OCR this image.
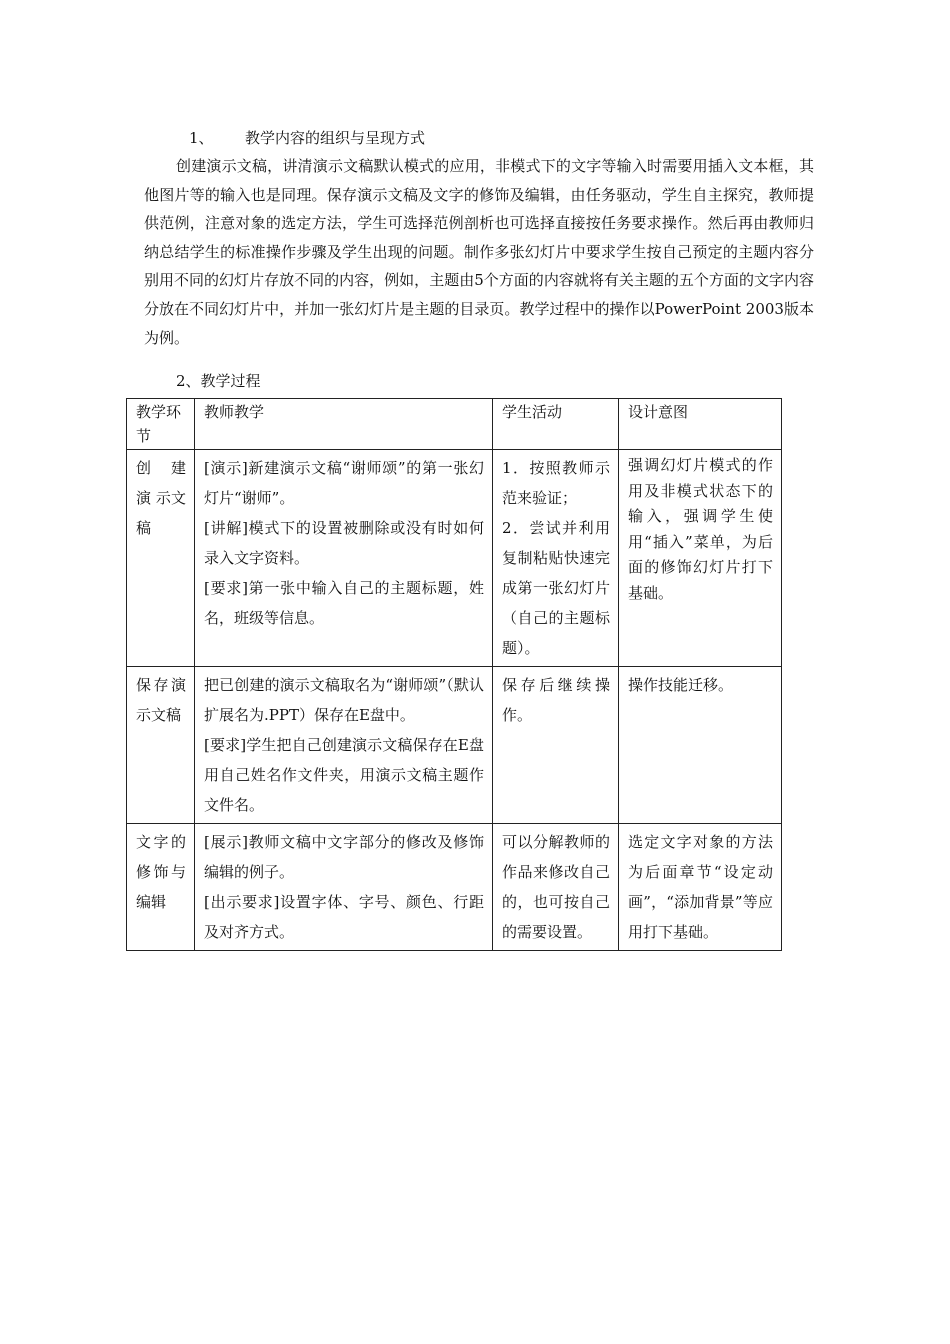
1、 教学内容的组织与呈现方式

创建演示文稿，讲清演示文稿默认模式的应用，非模式下的文字等输入时需要用插入文本框，其他图片等的输入也是同理。保存演示文稿及文字的修饰及编辑，由任务驱动，学生自主探究，教师提供范例，注意对象的选定方法，学生可选择范例剖析也可选择直接按任务要求操作。然后再由教师归纳总结学生的标准操作步骤及学生出现的问题。制作多张幻灯片中要求学生按自己预定的主题内容分别用不同的幻灯片存放不同的内容，例如，主题由5个方面的内容就将有关主题的五个方面的文字内容分放在不同幻灯片中，并加一张幻灯片是主题的目录页。教学过程中的操作以PowerPoint 2003版本为例。

2、教学过程
教学环节	教师教学	学生活动	设计意图

创 建 演 示文稿	[演示]新建演示文稿“谢师颂”的第一张幻灯片“谢师”。
[讲解]模式下的设置被删除或没有时如何录入文字资料。
[要求]第一张中输入自己的主题标题，姓名，班级等信息。	1．按照教师示范来验证；
2．尝试并利用复制粘贴快速完成第一张幻灯片（自己的主题标题）。	强调幻灯片模式的作用及非模式状态下的输入，强调学生使用“插入”菜单，为后面的修饰幻灯片打下基础。

保存演示文稿	把已创建的演示文稿取名为“谢师颂”（默认扩展名为.PPT）保存在E盘中。
[要求]学生把自己创建演示文稿保存在E盘用自己姓名作文件夹，用演示文稿主题作文件名。	保存后继续操作。	操作技能迁移。

文字的修饰与编辑	[展示]教师文稿中文字部分的修改及修饰编辑的例子。
[出示要求]设置字体、字号、颜色、行距及对齐方式。	可以分解教师的作品来修改自己的，也可按自己的需要设置。	选定文字对象的方法为后面章节“设定动画”，“添加背景”等应用打下基础。
